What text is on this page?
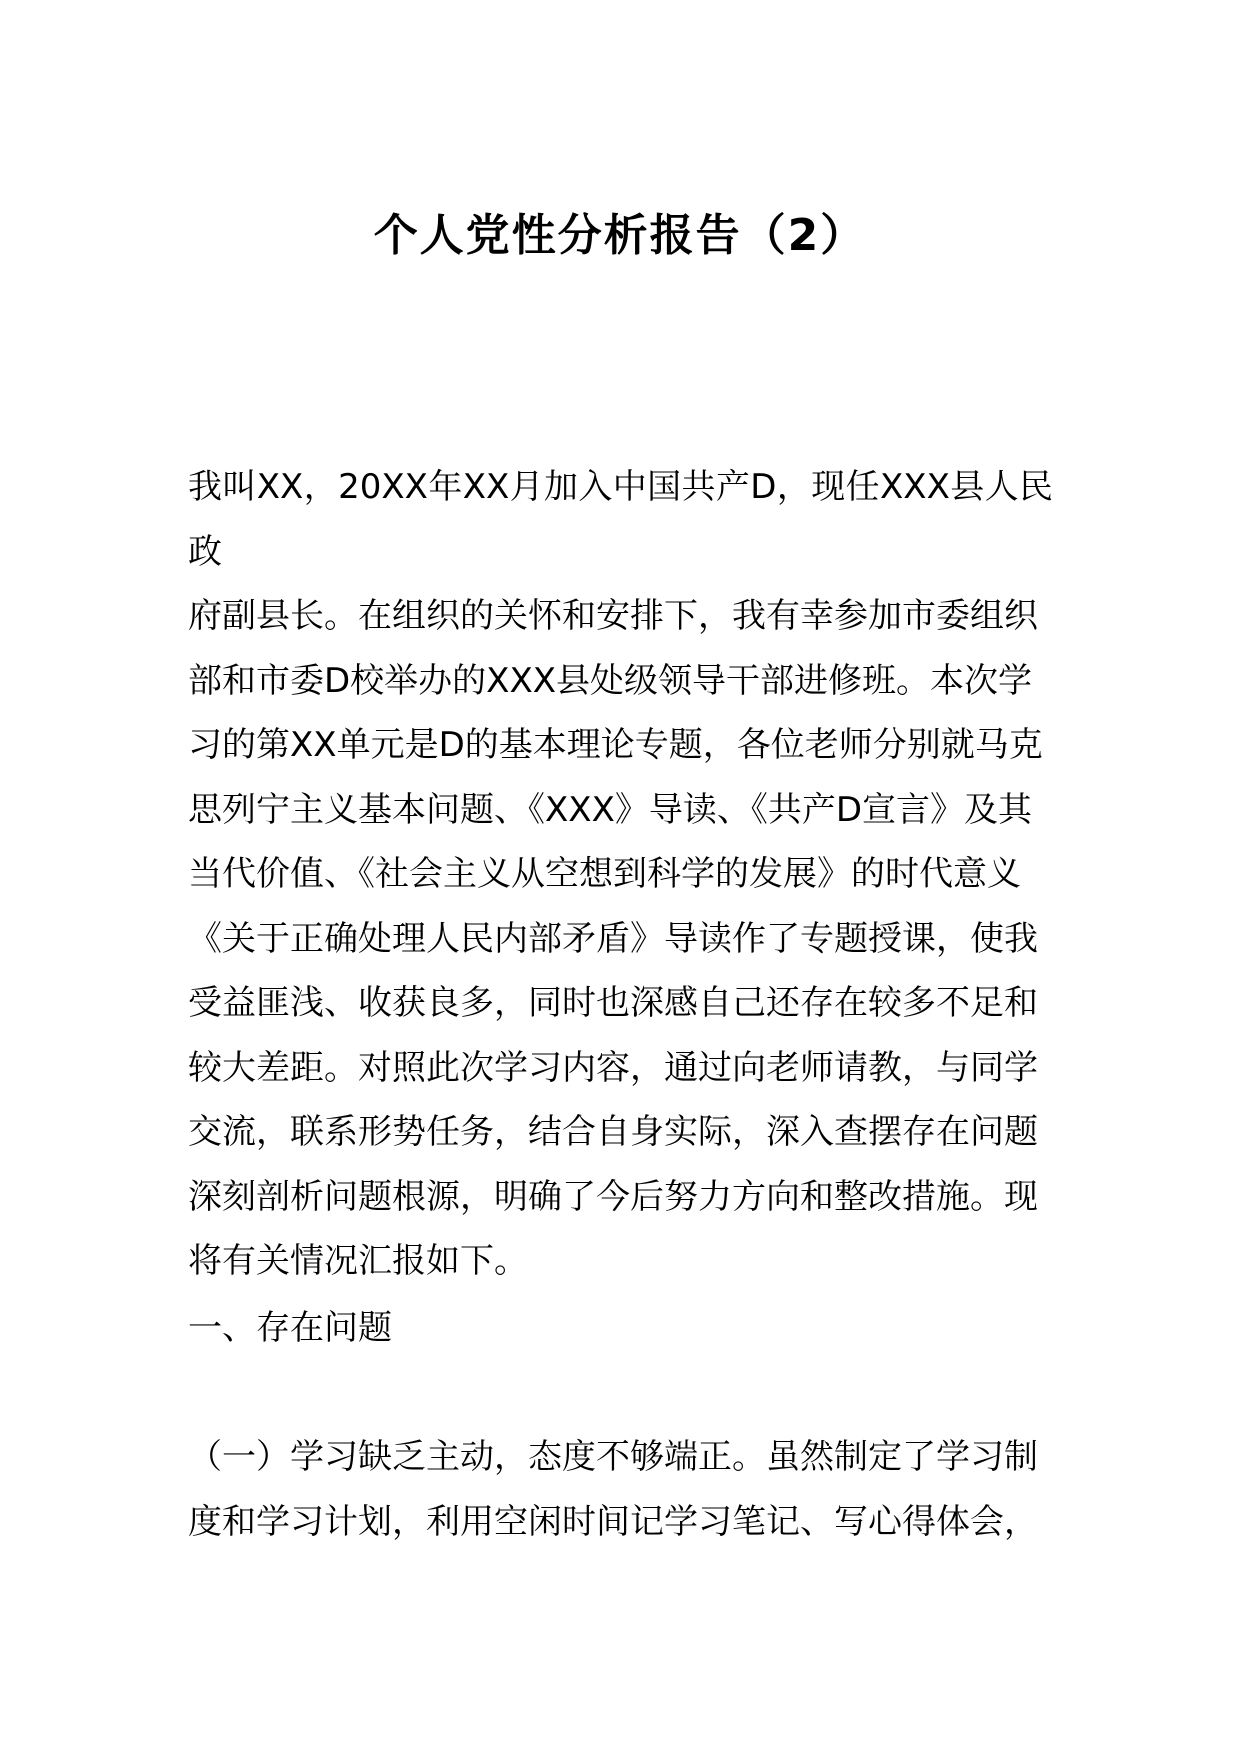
个人党性分析报告（2）

我叫XX，20XX年XX月加入中国共产D，现任XXX县人民政
府副县长。在组织的关怀和安排下，我有幸参加市委组织
部和市委D校举办的XXX县处级领导干部进修班。本次学
习的第XX单元是D的基本理论专题，各位老师分别就马克
思列宁主义基本问题、《XXX》导读、《共产D宣言》及其
当代价值、《社会主义从空想到科学的发展》的时代意义
《关于正确处理人民内部矛盾》导读作了专题授课，使我
受益匪浅、收获良多，同时也深感自己还存在较多不足和
较大差距。对照此次学习内容，通过向老师请教，与同学
交流，联系形势任务，结合自身实际，深入查摆存在问题
深刻剖析问题根源，明确了今后努力方向和整改措施。现
将有关情况汇报如下。

一、存在问题

（一）学习缺乏主动，态度不够端正。虽然制定了学习制
度和学习计划，利用空闲时间记学习笔记、写心得体会，
